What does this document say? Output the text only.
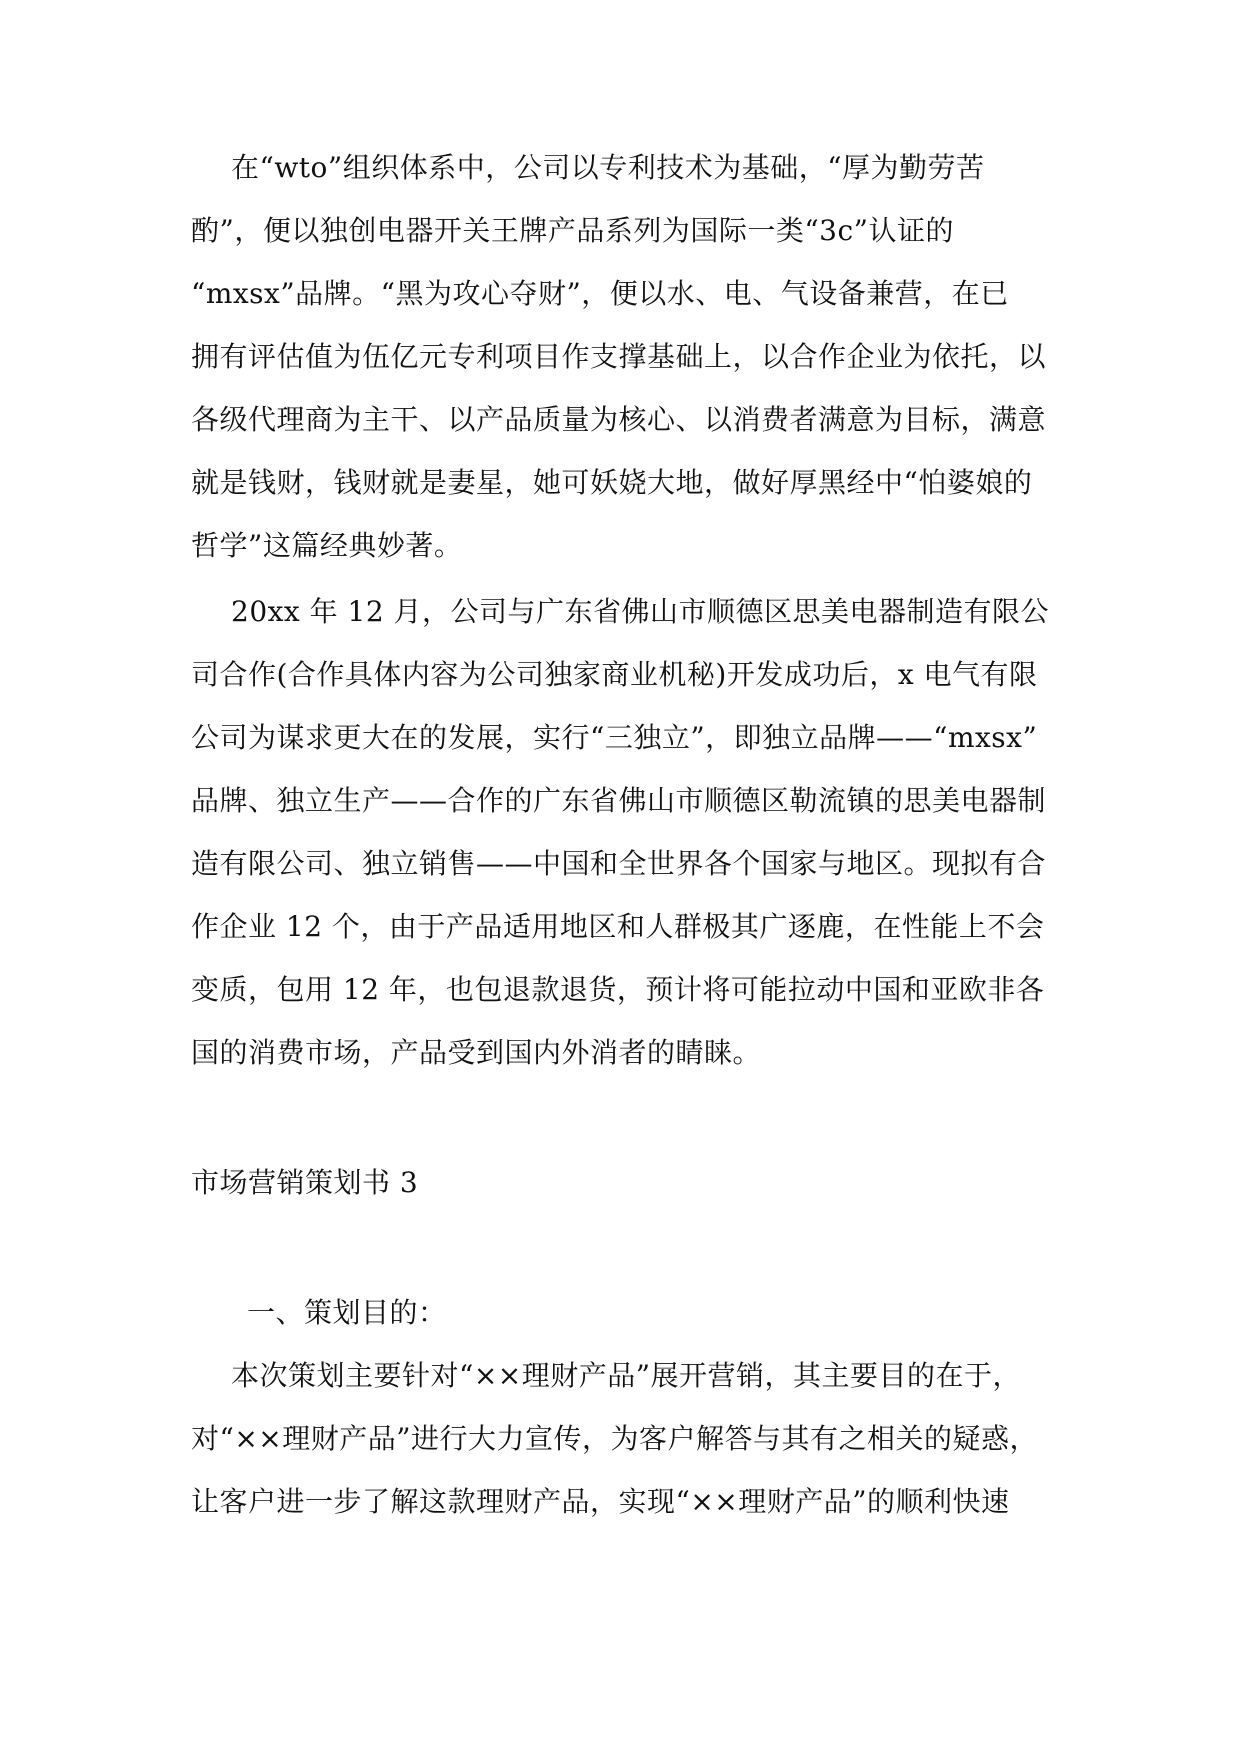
在“wto”组织体系中，公司以专利技术为基础，“厚为勤劳苦
酌”，便以独创电器开关王牌产品系列为国际一类“3c”认证的
“mxsx”品牌。“黑为攻心夺财”，便以水、电、气设备兼营，在已
拥有评估值为伍亿元专利项目作支撑基础上，以合作企业为依托，以
各级代理商为主干、以产品质量为核心、以消费者满意为目标，满意
就是钱财，钱财就是妻星，她可妖娆大地，做好厚黑经中“怕婆娘的
哲学”这篇经典妙著。
20xx 年 12 月，公司与广东省佛山市顺德区思美电器制造有限公
司合作(合作具体内容为公司独家商业机秘)开发成功后，x 电气有限
公司为谋求更大在的发展，实行“三独立”，即独立品牌——“mxsx”
品牌、独立生产——合作的广东省佛山市顺德区勒流镇的思美电器制
造有限公司、独立销售——中国和全世界各个国家与地区。现拟有合
作企业 12 个，由于产品适用地区和人群极其广逐鹿，在性能上不会
变质，包用 12 年，也包退款退货，预计将可能拉动中国和亚欧非各
国的消费市场，产品受到国内外消者的睛睐。
市场营销策划书 3
一、策划目的：
本次策划主要针对“××理财产品”展开营销，其主要目的在于，
对“××理财产品”进行大力宣传，为客户解答与其有之相关的疑惑，
让客户进一步了解这款理财产品，实现“××理财产品”的顺利快速
